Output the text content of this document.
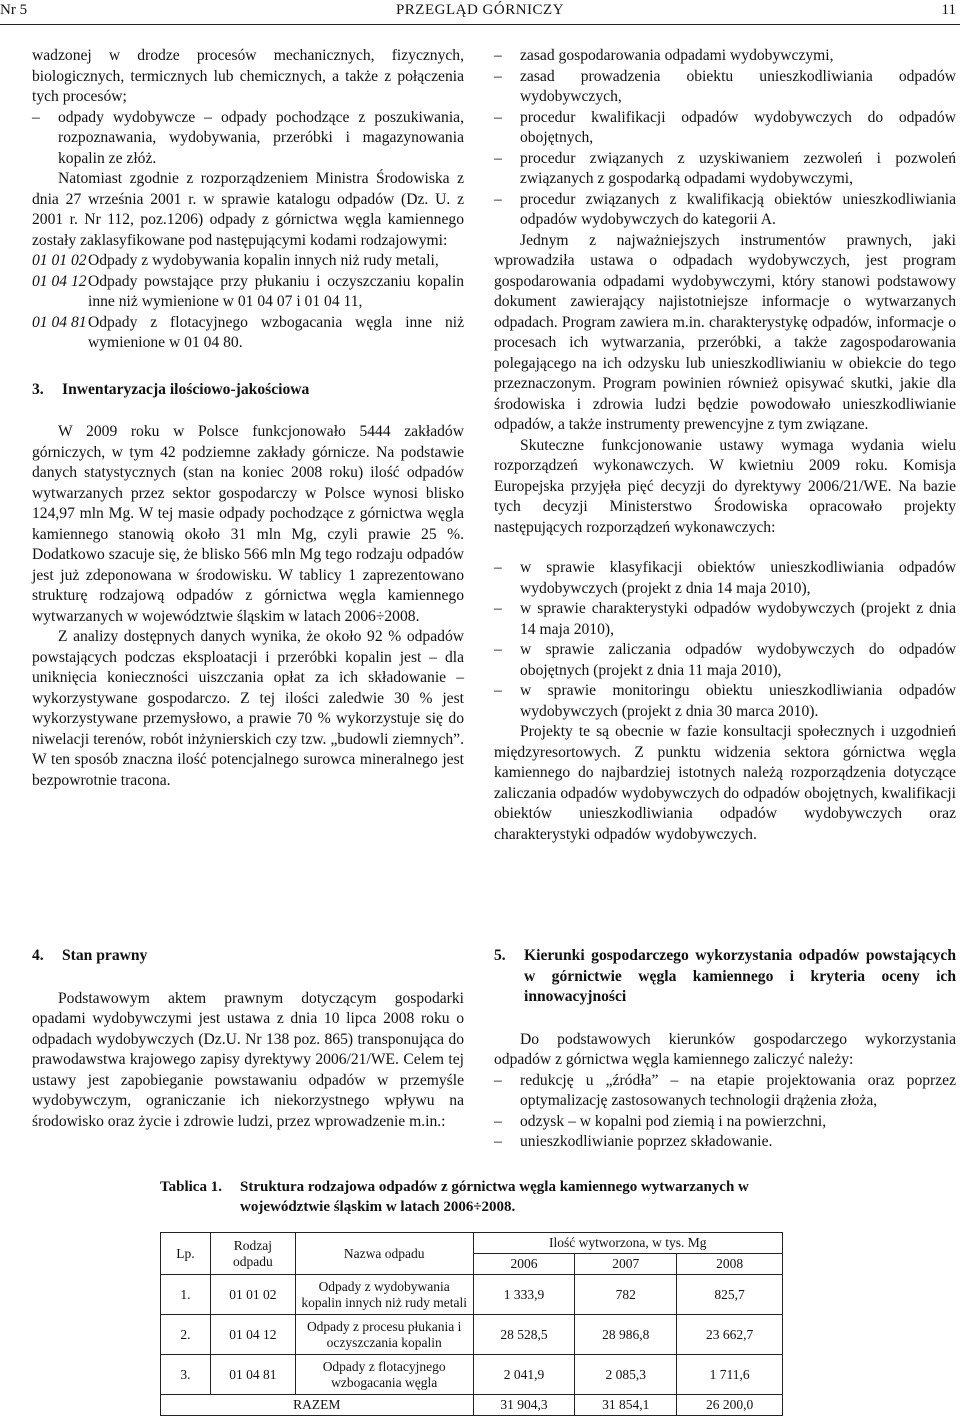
Nr 5	PRZEGLĄD GÓRNICZY	11

wadzonej w drodze procesów mechanicznych, fizycznych, biologicznych, termicznych lub chemicznych, a także z połączenia tych procesów;

– odpady wydobywcze – odpady pochodzące z poszukiwania, rozpoznawania, wydobywania, przeróbki i magazynowania kopalin ze złóż.

Natomiast zgodnie z rozporządzeniem Ministra Środowiska z dnia 27 września 2001 r. w sprawie katalogu odpadów (Dz. U. z 2001 r. Nr 112, poz.1206) odpady z górnictwa węgla kamiennego zostały zaklasyfikowane pod następującymi kodami rodzajowymi:

01 01 02 Odpady z wydobywania kopalin innych niż rudy metali,
01 04 12 Odpady powstające przy płukaniu i oczyszczaniu kopalin inne niż wymienione w 01 04 07 i 01 04 11,
01 04 81 Odpady z flotacyjnego wzbogacania węgla inne niż wymienione w 01 04 80.
3. Inwentaryzacja ilościowo-jakościowa

W 2009 roku w Polsce funkcjonowało 5444 zakładów górniczych, w tym 42 podziemne zakłady górnicze. Na podstawie danych statystycznych (stan na koniec 2008 roku) ilość odpadów wytwarzanych przez sektor gospodarczy w Polsce wynosi blisko 124,97 mln Mg. W tej masie odpady pochodzące z górnictwa węgla kamiennego stanowią około 31 mln Mg, czyli prawie 25 %. Dodatkowo szacuje się, że blisko 566 mln Mg tego rodzaju odpadów jest już zdeponowana w środowisku. W tablicy 1 zaprezentowano strukturę rodzajową odpadów z górnictwa węgla kamiennego wytwarzanych w województwie śląskim w latach 2006÷2008.

Z analizy dostępnych danych wynika, że około 92 % odpadów powstających podczas eksploatacji i przeróbki kopalin jest – dla uniknięcia konieczności uiszczania opłat za ich składowanie – wykorzystywane gospodarczo. Z tej ilości zaledwie 30 % jest wykorzystywane przemysłowo, a prawie 70 % wykorzystuje się do niwelacji terenów, robót inżynierskich czy tzw. „budowli ziemnych”. W ten sposób znaczna ilość potencjalnego surowca mineralnego jest bezpowrotnie tracona.

– zasad gospodarowania odpadami wydobywczymi,

– zasad prowadzenia obiektu unieszkodliwiania odpadów wydobywczych,

– procedur kwalifikacji odpadów wydobywczych do odpadów obojętnych,

– procedur związanych z uzyskiwaniem zezwoleń i pozwoleń związanych z gospodarką odpadami wydobywczymi,

– procedur związanych z kwalifikacją obiektów unieszkodliwiania odpadów wydobywczych do kategorii A.

Jednym z najważniejszych instrumentów prawnych, jaki wprowadziła ustawa o odpadach wydobywczych, jest program gospodarowania odpadami wydobywczymi, który stanowi podstawowy dokument zawierający najistotniejsze informacje o wytwarzanych odpadach. Program zawiera m.in. charakterystykę odpadów, informacje o procesach ich wytwarzania, przeróbki, a także zagospodarowania polegającego na ich odzysku lub unieszkodliwianiu w obiekcie do tego przeznaczonym. Program powinien również opisywać skutki, jakie dla środowiska i zdrowia ludzi będzie powodowało unieszkodliwianie odpadów, a także instrumenty prewencyjne z tym związane.

Skuteczne funkcjonowanie ustawy wymaga wydania wielu rozporządzeń wykonawczych. W kwietniu 2009 roku. Komisja Europejska przyjęła pięć decyzji do dyrektywy 2006/21/WE. Na bazie tych decyzji Ministerstwo Środowiska opracowało projekty następujących rozporządzeń wykonawczych:

– w sprawie klasyfikacji obiektów unieszkodliwiania odpadów wydobywczych (projekt z dnia 14 maja 2010),

– w sprawie charakterystyki odpadów wydobywczych (projekt z dnia 14 maja 2010),

– w sprawie zaliczania odpadów wydobywczych do odpadów obojętnych (projekt z dnia 11 maja 2010),

– w sprawie monitoringu obiektu unieszkodliwiania odpadów wydobywczych (projekt z dnia 30 marca 2010).

Projekty te są obecnie w fazie konsultacji społecznych i uzgodnień międzyresortowych. Z punktu widzenia sektora górnictwa węgla kamiennego do najbardziej istotnych należą rozporządzenia dotyczące zaliczania odpadów wydobywczych do odpadów obojętnych, kwalifikacji obiektów unieszkodliwiania odpadów wydobywczych oraz charakterystyki odpadów wydobywczych.

4. Stan prawny

Podstawowym aktem prawnym dotyczącym gospodarki opadami wydobywczymi jest ustawa z dnia 10 lipca 2008 roku o odpadach wydobywczych (Dz.U. Nr 138 poz. 865) transponująca do prawodawstwa krajowego zapisy dyrektywy 2006/21/WE. Celem tej ustawy jest zapobieganie powstawaniu odpadów w przemyśle wydobywczym, ograniczanie ich niekorzystnego wpływu na środowisko oraz życie i zdrowie ludzi, przez wprowadzenie m.in.:

5.	Kierunki gospodarczego wykorzystania odpadów powstających w górnictwie węgla kamiennego i kryteria oceny ich innowacyjności

Do podstawowych kierunków gospodarczego wykorzystania odpadów z górnictwa węgla kamiennego zaliczyć należy:

– redukcję u „źródła” – na etapie projektowania oraz poprzez optymalizację zastosowanych technologii drążenia złoża,

– odzysk – w kopalni pod ziemią i na powierzchni,

– unieszkodliwianie poprzez składowanie.

Tablica 1.	Struktura rodzajowa odpadów z górnictwa węgla kamiennego wytwarzanych w województwie śląskim w latach 2006÷2008.
Lp.	Rodzaj odpadu	Nazwa odpadu	Ilość wytworzona, w tys. Mg		
			2006	2007	2008
1.	01 01 02	Odpady z wydobywania kopalin innych niż rudy metali	1 333,9	782	825,7
2.	01 04 12	Odpady z procesu płukania i oczyszczania kopalin	28 528,5	28 986,8	23 662,7
3.	01 04 81	Odpady z flotacyjnego wzbogacania węgla	2 041,9	2 085,3	1 711,6
RAZEM			31 904,3	31 854,1	26 200,0
